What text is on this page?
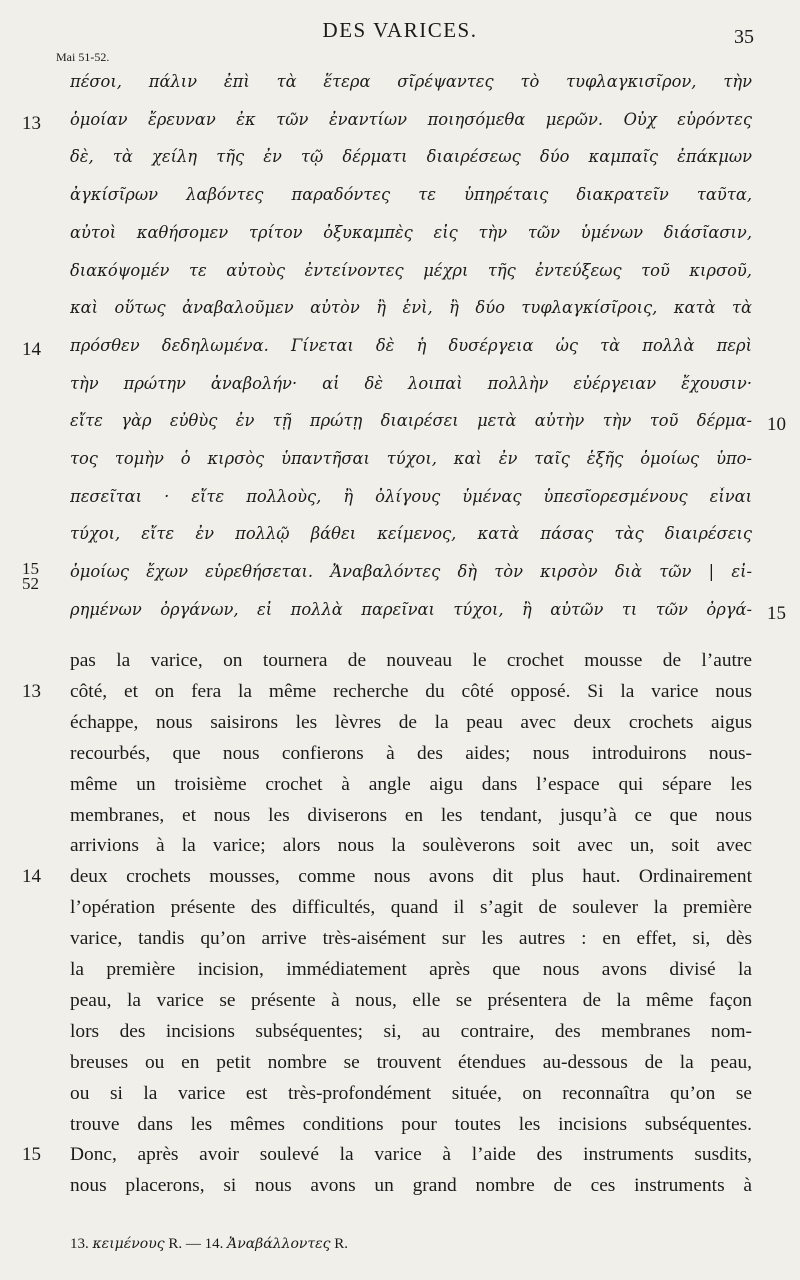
DES VARICES.	35
Mai 51-52.
πέσοι, πάλιν ἐπὶ τὰ ἕτερα σῖρέψαντες τὸ τυφλαγκισῖρον, τὴν
ὁμοίαν ἔρευναν ἐκ τῶν ἐναντίων ποιησόμεθα μερῶν. Οὐχ εὑρόντες
δὲ, τὰ χείλη τῆς ἐν τῷ δέρματι διαιρέσεως δύο καμπαῖς ἐπάκμων
ἀγκίσῖρων λαβόντες παραδόντες τε ὑπηρέταις διακρατεῖν ταῦτα,
αὐτοὶ καθήσομεν τρίτον ὀξυκαμπὲς εἰς τὴν τῶν ὑμένων διάσῖασιν,
διακόψομέν τε αὐτοὺς ἐντείνοντες μέχρι τῆς ἐντεύξεως τοῦ κιρσοῦ,
καὶ οὕτως ἀναβαλοῦμεν αὐτὸν ἢ ἑνὶ, ἢ δύο τυφλαγκίσῖροις, κατὰ τὰ
πρόσθεν δεδηλωμένα. Γίνεται δὲ ἡ δυσέργεια ὡς τὰ πολλὰ περὶ
τὴν πρώτην ἀναβολήν· αἱ δὲ λοιπαὶ πολλὴν εὐέργειαν ἔχουσιν·
εἴτε γὰρ εὐθὺς ἐν τῇ πρώτῃ διαιρέσει μετὰ αὐτὴν τὴν τοῦ δέρμα-
τος τομὴν ὁ κιρσὸς ὑπαντῆσαι τύχοι, καὶ ἐν ταῖς ἑξῆς ὁμοίως ὑπο-
πεσεῖται · εἴτε πολλοὺς, ἢ ὀλίγους ὑμένας ὑπεσῖορεσμένους εἶναι
τύχοι, εἴτε ἐν πολλῷ βάθει κείμενος, κατὰ πάσας τὰς διαιρέσεις
ὁμοίως ἔχων εὑρεθήσεται. Ἀναβαλόντες δὴ τὸν κιρσὸν διὰ τῶν | εἰ-
ρημένων ὀργάνων, εἰ πολλὰ παρεῖναι τύχοι, ἢ αὐτῶν τι τῶν ὀργά-
13
14
15
52
10
15
pas la varice, on tournera de nouveau le crochet mousse de l’autre
côté, et on fera la même recherche du côté opposé. Si la varice nous
échappe, nous saisirons les lèvres de la peau avec deux crochets aigus
recourbés, que nous confierons à des aides; nous introduirons nous-
même un troisième crochet à angle aigu dans l’espace qui sépare les
membranes, et nous les diviserons en les tendant, jusqu’à ce que nous
arrivions à la varice; alors nous la soulèverons soit avec un, soit avec
deux crochets mousses, comme nous avons dit plus haut. Ordinairement
l’opération présente des difficultés, quand il s’agit de soulever la première
varice, tandis qu’on arrive très-aisément sur les autres : en effet, si, dès
la première incision, immédiatement après que nous avons divisé la
peau, la varice se présente à nous, elle se présentera de la même façon
lors des incisions subséquentes; si, au contraire, des membranes nom-
breuses ou en petit nombre se trouvent étendues au-dessous de la peau,
ou si la varice est très-profondément située, on reconnaîtra qu’on se
trouve dans les mêmes conditions pour toutes les incisions subséquentes.
Donc, après avoir soulevé la varice à l’aide des instruments susdits,
nous placerons, si nous avons un grand nombre de ces instruments à
13
14
15
13. κειμένους R. — 14. Ἀναβάλλοντες R.
